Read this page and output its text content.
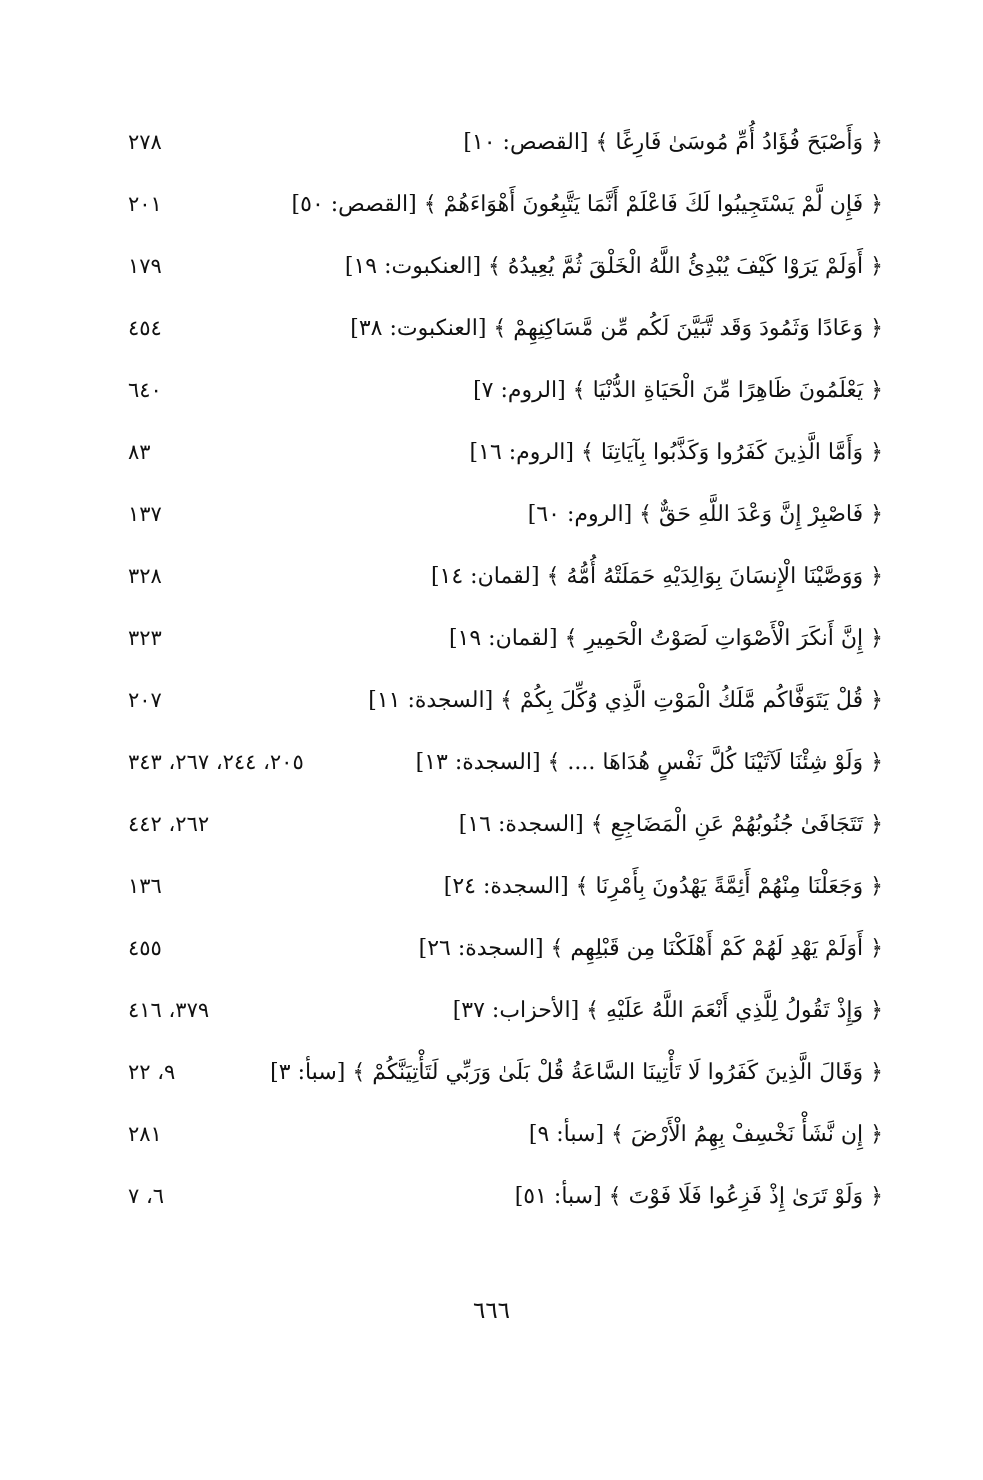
﴿ وَأَصْبَحَ فُؤَادُ أُمِّ مُوسَىٰ فَارِغًا ﴾ [القصص: ١٠]
٢٧٨
﴿ فَإِن لَّمْ يَسْتَجِيبُوا لَكَ فَاعْلَمْ أَنَّمَا يَتَّبِعُونَ أَهْوَاءَهُمْ ﴾ [القصص: ٥٠]
٢٠١
﴿ أَوَلَمْ يَرَوْا كَيْفَ يُبْدِئُ اللَّهُ الْخَلْقَ ثُمَّ يُعِيدُهُ ﴾ [العنكبوت: ١٩]
١٧٩
﴿ وَعَادًا وَثَمُودَ وَقَد تَّبَيَّنَ لَكُم مِّن مَّسَاكِنِهِمْ ﴾ [العنكبوت: ٣٨]
٤٥٤
﴿ يَعْلَمُونَ ظَاهِرًا مِّنَ الْحَيَاةِ الدُّنْيَا ﴾ [الروم: ٧]
٦٤٠
﴿ وَأَمَّا الَّذِينَ كَفَرُوا وَكَذَّبُوا بِآيَاتِنَا ﴾ [الروم: ١٦]
٨٣
﴿ فَاصْبِرْ إِنَّ وَعْدَ اللَّهِ حَقٌّ ﴾ [الروم: ٦٠]
١٣٧
﴿ وَوَصَّيْنَا الْإِنسَانَ بِوَالِدَيْهِ حَمَلَتْهُ أُمُّهُ ﴾ [لقمان: ١٤]
٣٢٨
﴿ إِنَّ أَنكَرَ الْأَصْوَاتِ لَصَوْتُ الْحَمِيرِ ﴾ [لقمان: ١٩]
٣٢٣
﴿ قُلْ يَتَوَفَّاكُم مَّلَكُ الْمَوْتِ الَّذِي وُكِّلَ بِكُمْ ﴾ [السجدة: ١١]
٢٠٧
﴿ وَلَوْ شِئْنَا لَآتَيْنَا كُلَّ نَفْسٍ هُدَاهَا .... ﴾ [السجدة: ١٣]
٢٠٥، ٢٤٤، ٢٦٧، ٣٤٣
﴿ تَتَجَافَىٰ جُنُوبُهُمْ عَنِ الْمَضَاجِعِ ﴾ [السجدة: ١٦]
٢٦٢، ٤٤٢
﴿ وَجَعَلْنَا مِنْهُمْ أَئِمَّةً يَهْدُونَ بِأَمْرِنَا ﴾ [السجدة: ٢٤]
١٣٦
﴿ أَوَلَمْ يَهْدِ لَهُمْ كَمْ أَهْلَكْنَا مِن قَبْلِهِم ﴾ [السجدة: ٢٦]
٤٥٥
﴿ وَإِذْ تَقُولُ لِلَّذِي أَنْعَمَ اللَّهُ عَلَيْهِ ﴾ [الأحزاب: ٣٧]
٣٧٩، ٤١٦
﴿ وَقَالَ الَّذِينَ كَفَرُوا لَا تَأْتِينَا السَّاعَةُ قُلْ بَلَىٰ وَرَبِّي لَتَأْتِيَنَّكُمْ ﴾ [سبأ: ٣]
٩، ٢٢
﴿ إِن نَّشَأْ نَخْسِفْ بِهِمُ الْأَرْضَ ﴾ [سبأ: ٩]
٢٨١
﴿ وَلَوْ تَرَىٰ إِذْ فَزِعُوا فَلَا فَوْتَ ﴾ [سبأ: ٥١]
٦، ٧
٦٦٦
